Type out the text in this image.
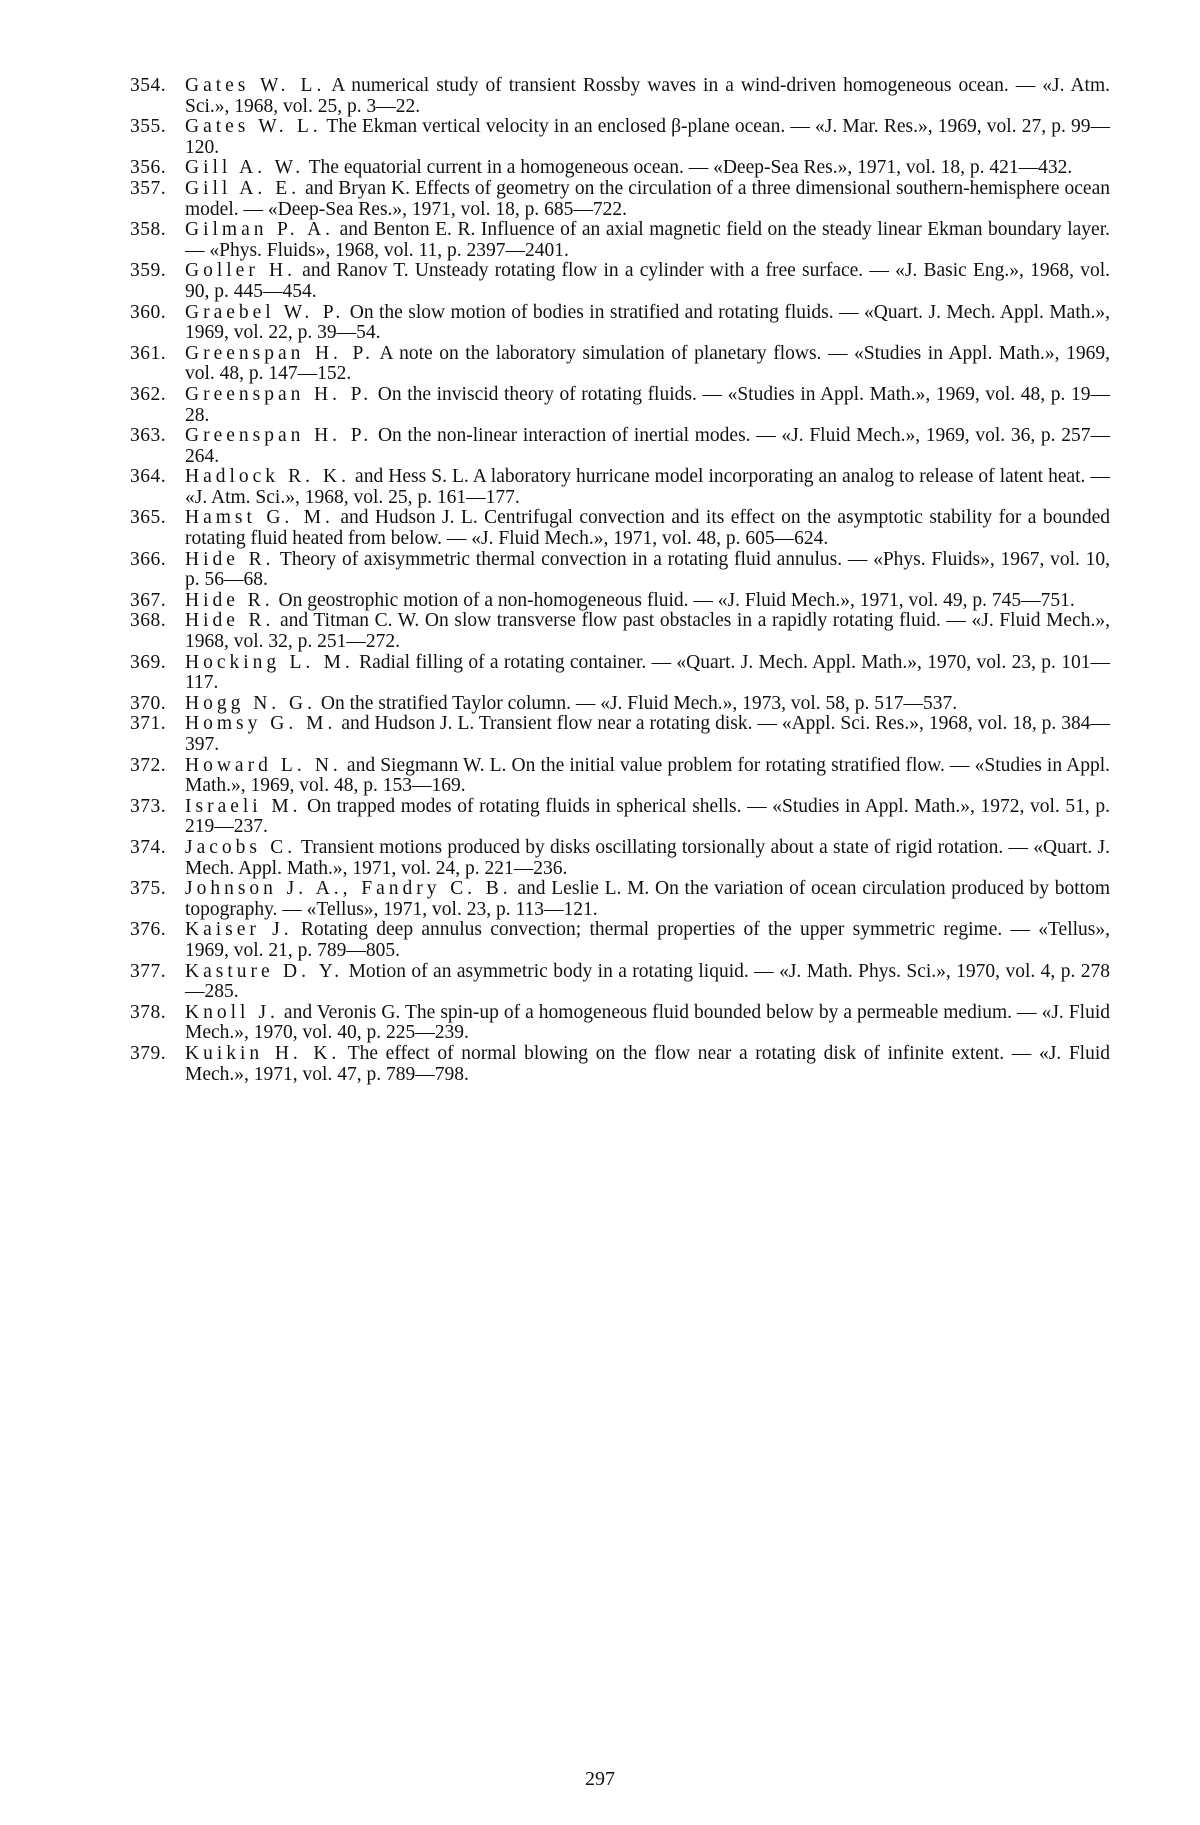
354. Gates W. L. A numerical study of transient Rossby waves in a wind-driven homogeneous ocean. — «J. Atm. Sci.», 1968, vol. 25, p. 3—22.
355. Gates W. L. The Ekman vertical velocity in an enclosed β-plane ocean. — «J. Mar. Res.», 1969, vol. 27, p. 99—120.
356. Gill A. W. The equatorial current in a homogeneous ocean. — «Deep-Sea Res.», 1971, vol. 18, p. 421—432.
357. Gill A. E. and Bryan K. Effects of geometry on the circulation of a three dimensional southern-hemisphere ocean model. — «Deep-Sea Res.», 1971, vol. 18, p. 685—722.
358. Gilman P. A. and Benton E. R. Influence of an axial magnetic field on the steady linear Ekman boundary layer. — «Phys. Fluids», 1968, vol. 11, p. 2397—2401.
359. Goller H. and Ranov T. Unsteady rotating flow in a cylinder with a free surface. — «J. Basic Eng.», 1968, vol. 90, p. 445—454.
360. Graebel W. P. On the slow motion of bodies in stratified and rotating fluids. — «Quart. J. Mech. Appl. Math.», 1969, vol. 22, p. 39—54.
361. Greenspan H. P. A note on the laboratory simulation of planetary flows. — «Studies in Appl. Math.», 1969, vol. 48, p. 147—152.
362. Greenspan H. P. On the inviscid theory of rotating fluids. — «Studies in Appl. Math.», 1969, vol. 48, p. 19—28.
363. Greenspan H. P. On the non-linear interaction of inertial modes. — «J. Fluid Mech.», 1969, vol. 36, p. 257—264.
364. Hadlock R. K. and Hess S. L. A laboratory hurricane model incorporating an analog to release of latent heat. — «J. Atm. Sci.», 1968, vol. 25, p. 161—177.
365. Hamst G. M. and Hudson J. L. Centrifugal convection and its effect on the asymptotic stability for a bounded rotating fluid heated from below. — «J. Fluid Mech.», 1971, vol. 48, p. 605—624.
366. Hide R. Theory of axisymmetric thermal convection in a rotating fluid annulus. — «Phys. Fluids», 1967, vol. 10, p. 56—68.
367. Hide R. On geostrophic motion of a non-homogeneous fluid. — «J. Fluid Mech.», 1971, vol. 49, p. 745—751.
368. Hide R. and Titman C. W. On slow transverse flow past obstacles in a rapidly rotating fluid. — «J. Fluid Mech.», 1968, vol. 32, p. 251—272.
369. Hocking L. M. Radial filling of a rotating container. — «Quart. J. Mech. Appl. Math.», 1970, vol. 23, p. 101—117.
370. Hogg N. G. On the stratified Taylor column. — «J. Fluid Mech.», 1973, vol. 58, p. 517—537.
371. Homsy G. M. and Hudson J. L. Transient flow near a rotating disk. — «Appl. Sci. Res.», 1968, vol. 18, p. 384—397.
372. Howard L. N. and Siegmann W. L. On the initial value problem for rotating stratified flow. — «Studies in Appl. Math.», 1969, vol. 48, p. 153—169.
373. Israeli M. On trapped modes of rotating fluids in spherical shells. — «Studies in Appl. Math.», 1972, vol. 51, p. 219—237.
374. Jacobs C. Transient motions produced by disks oscillating torsionally about a state of rigid rotation. — «Quart. J. Mech. Appl. Math.», 1971, vol. 24, p. 221—236.
375. Johnson J. A., Fandry C. B. and Leslie L. M. On the variation of ocean circulation produced by bottom topography. — «Tellus», 1971, vol. 23, p. 113—121.
376. Kaiser J. Rotating deep annulus convection; thermal properties of the upper symmetric regime. — «Tellus», 1969, vol. 21, p. 789—805.
377. Kasture D. Y. Motion of an asymmetric body in a rotating liquid. — «J. Math. Phys. Sci.», 1970, vol. 4, p. 278—285.
378. Knoll J. and Veronis G. The spin-up of a homogeneous fluid bounded below by a permeable medium. — «J. Fluid Mech.», 1970, vol. 40, p. 225—239.
379. Kuikin H. K. The effect of normal blowing on the flow near a rotating disk of infinite extent. — «J. Fluid Mech.», 1971, vol. 47, p. 789—798.
297
